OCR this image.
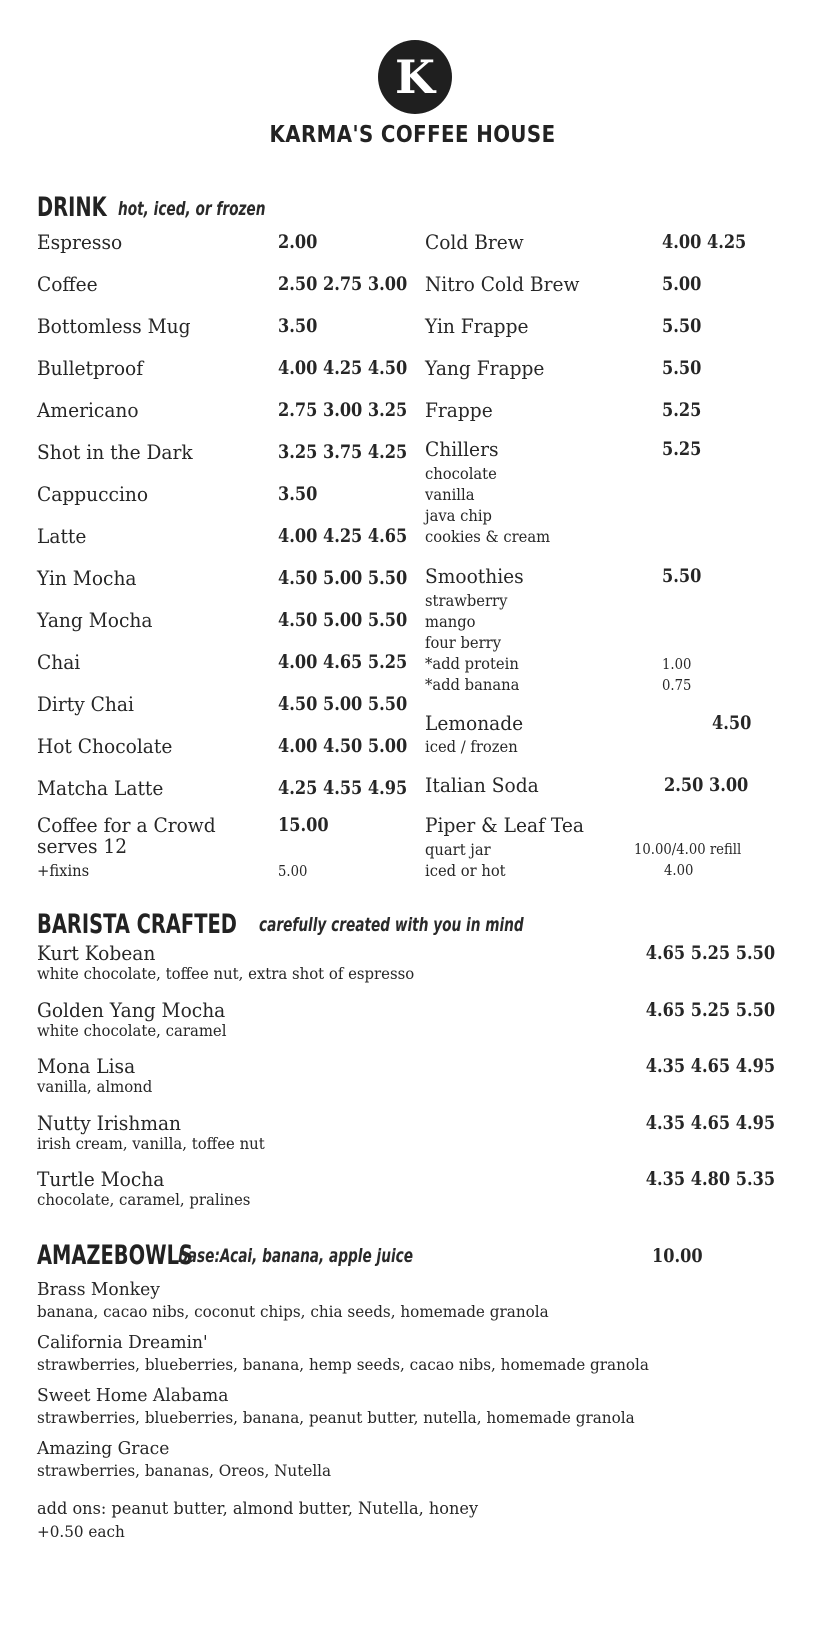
K
KARMA'S COFFEE HOUSE
DRINK hot, iced, or frozen
Espresso	2.00
Coffee	2.50 2.75 3.00
Bottomless Mug	3.50
Bulletproof	4.00 4.25 4.50
Americano	2.75 3.00 3.25
Shot in the Dark	3.25 3.75 4.25
Cappuccino	3.50
Latte	4.00 4.25 4.65
Yin Mocha	4.50 5.00 5.50
Yang Mocha	4.50 5.00 5.50
Chai	4.00 4.65 5.25
Dirty Chai	4.50 5.00 5.50
Hot Chocolate	4.00 4.50 5.00
Matcha Latte	4.25 4.55 4.95
Coffee for a Crowd	15.00
serves 12
+fixins	5.00
Cold Brew	4.00 4.25
Nitro Cold Brew	5.00
Yin Frappe	5.50
Yang Frappe	5.50
Frappe	5.25
Chillers	5.25
chocolate
vanilla
java chip
cookies & cream
Smoothies	5.50
strawberry
mango
four berry
*add protein	1.00
*add banana	0.75
Lemonade	4.50
iced / frozen
Italian Soda	2.50 3.00
Piper & Leaf Tea
quart jar	10.00/4.00 refill
iced or hot	4.00
BARISTA CRAFTED carefully created with you in mind
Kurt Kobean
white chocolate, toffee nut, extra shot of espresso
4.65 5.25 5.50
Golden Yang Mocha
white chocolate, caramel
4.65 5.25 5.50
Mona Lisa
vanilla, almond
4.35 4.65 4.95
Nutty Irishman
irish cream, vanilla, toffee nut
4.35 4.65 4.95
Turtle Mocha
chocolate, caramel, pralines
4.35 4.80 5.35
AMAZEBOWLS
base:Acai, banana, apple juice	10.00
Brass Monkey
banana, cacao nibs, coconut chips, chia seeds, homemade granola
California Dreamin'
strawberries, blueberries, banana, hemp seeds, cacao nibs, homemade granola
Sweet Home Alabama
strawberries, blueberries, banana, peanut butter, nutella, homemade granola
Amazing Grace
strawberries, bananas, Oreos, Nutella
add ons: peanut butter, almond butter, Nutella, honey
+0.50 each
